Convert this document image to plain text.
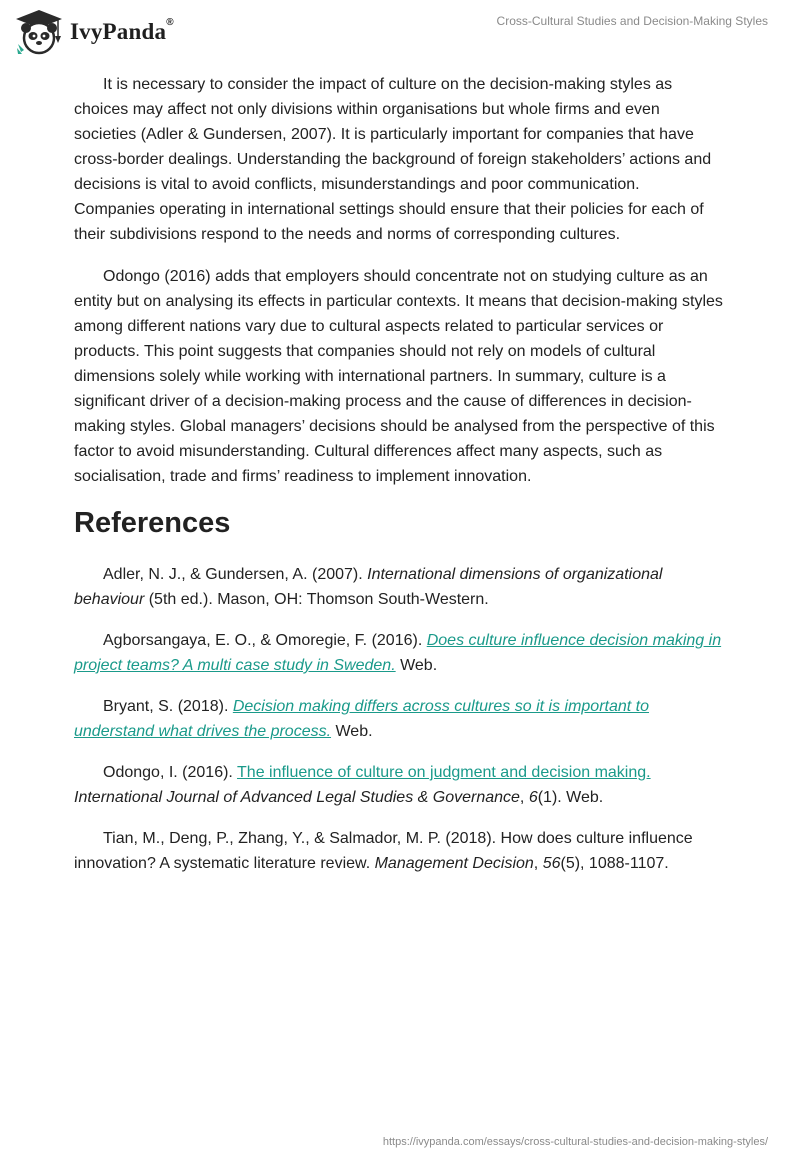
IvyPanda®	Cross-Cultural Studies and Decision-Making Styles

It is necessary to consider the impact of culture on the decision-making styles as choices may affect not only divisions within organisations but whole firms and even societies (Adler & Gundersen, 2007). It is particularly important for companies that have cross-border dealings. Understanding the background of foreign stakeholders’ actions and decisions is vital to avoid conflicts, misunderstandings and poor communication. Companies operating in international settings should ensure that their policies for each of their subdivisions respond to the needs and norms of corresponding cultures.

Odongo (2016) adds that employers should concentrate not on studying culture as an entity but on analysing its effects in particular contexts. It means that decision-making styles among different nations vary due to cultural aspects related to particular services or products. This point suggests that companies should not rely on models of cultural dimensions solely while working with international partners. In summary, culture is a significant driver of a decision-making process and the cause of differences in decision-making styles. Global managers’ decisions should be analysed from the perspective of this factor to avoid misunderstanding. Cultural differences affect many aspects, such as socialisation, trade and firms’ readiness to implement innovation.

References

Adler, N. J., & Gundersen, A. (2007). International dimensions of organizational behaviour (5th ed.). Mason, OH: Thomson South-Western.

Agborsangaya, E. O., & Omoregie, F. (2016). Does culture influence decision making in project teams? A multi case study in Sweden. Web.

Bryant, S. (2018). Decision making differs across cultures so it is important to understand what drives the process. Web.

Odongo, I. (2016). The influence of culture on judgment and decision making.
International Journal of Advanced Legal Studies & Governance, 6(1). Web.

Tian, M., Deng, P., Zhang, Y., & Salmador, M. P. (2018). How does culture influence innovation? A systematic literature review. Management Decision, 56(5), 1088-1107.

https://ivypanda.com/essays/cross-cultural-studies-and-decision-making-styles/
